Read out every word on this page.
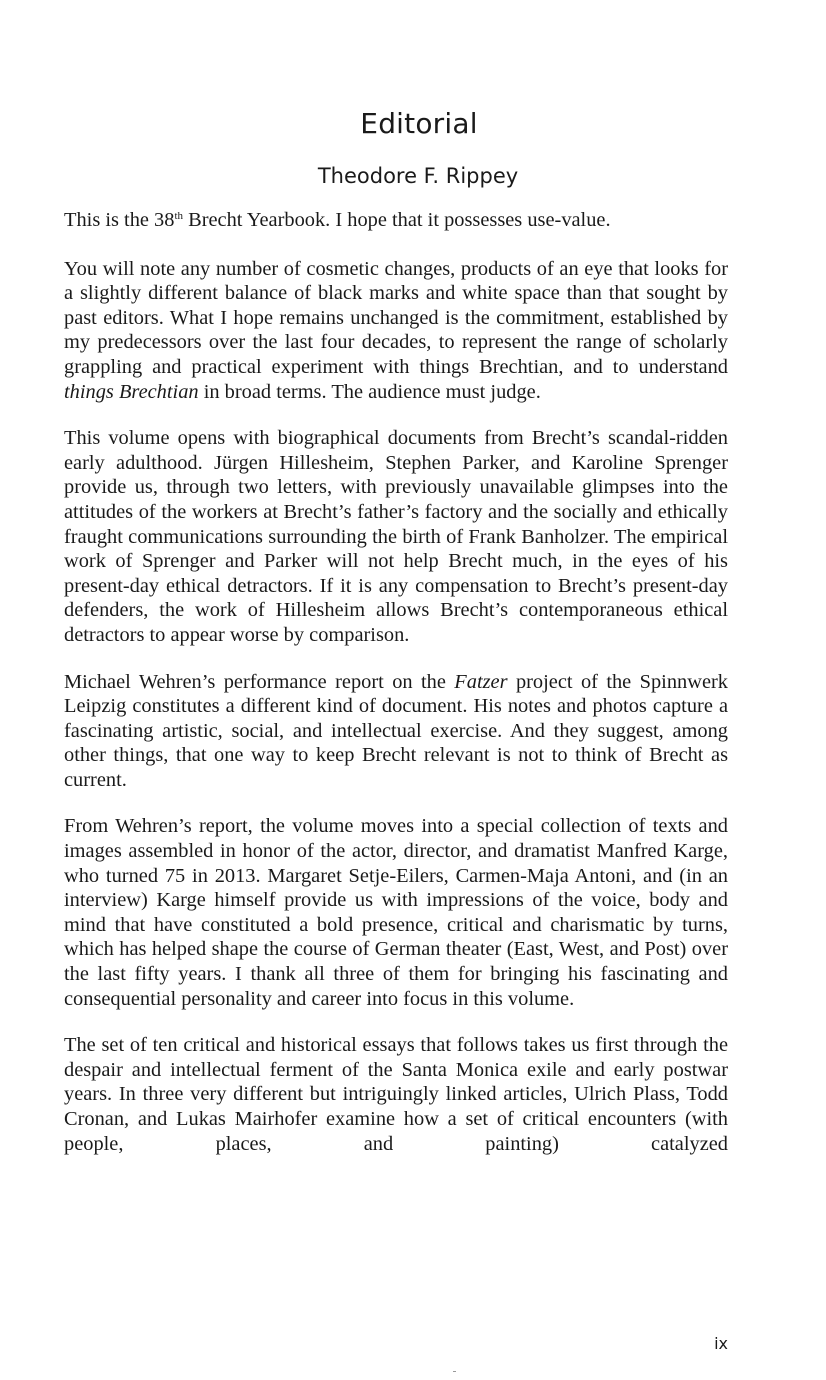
Editorial
Theodore F. Rippey

This is the 38th Brecht Yearbook. I hope that it possesses use-value.

You will note any number of cosmetic changes, products of an eye that looks for a slightly different balance of black marks and white space than that sought by past editors. What I hope remains unchanged is the commitment, established by my predecessors over the last four decades, to represent the range of scholarly grappling and practical experiment with things Brechtian, and to understand things Brechtian in broad terms. The audience must judge.

This volume opens with biographical documents from Brecht’s scandal-ridden early adulthood. Jürgen Hillesheim, Stephen Parker, and Karoline Sprenger provide us, through two letters, with previously unavailable glimpses into the attitudes of the workers at Brecht’s father’s factory and the socially and ethically fraught communications surrounding the birth of Frank Banholzer. The empirical work of Sprenger and Parker will not help Brecht much, in the eyes of his present-day ethical detractors. If it is any compensation to Brecht’s present-day defenders, the work of Hillesheim allows Brecht’s contemporaneous ethical detractors to appear worse by comparison.

Michael Wehren’s performance report on the Fatzer project of the Spinnwerk Leipzig constitutes a different kind of document. His notes and photos capture a fascinating artistic, social, and intellectual exercise. And they suggest, among other things, that one way to keep Brecht relevant is not to think of Brecht as current.

From Wehren’s report, the volume moves into a special collection of texts and images assembled in honor of the actor, director, and dramatist Manfred Karge, who turned 75 in 2013. Margaret Setje-Eilers, Carmen-Maja Antoni, and (in an interview) Karge himself provide us with impressions of the voice, body and mind that have constituted a bold presence, critical and charismatic by turns, which has helped shape the course of German theater (East, West, and Post) over the last fifty years. I thank all three of them for bringing his fascinating and consequential personality and career into focus in this volume.

The set of ten critical and historical essays that follows takes us first through the despair and intellectual ferment of the Santa Monica exile and early postwar years. In three very different but intriguingly linked articles, Ulrich Plass, Todd Cronan, and Lukas Mairhofer examine how a set of critical encounters (with people, places, and painting) catalyzed

ix
